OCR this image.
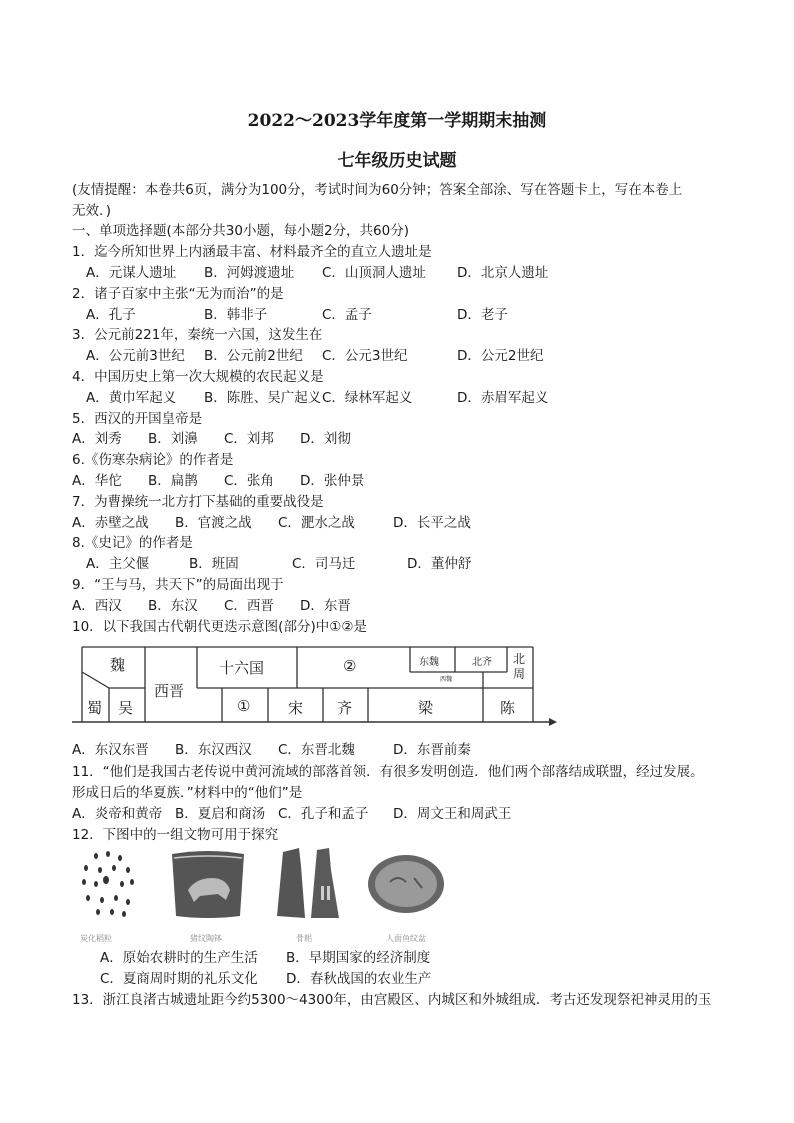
2022～2023学年度第一学期期末抽测
七年级历史试题
(友情提醒：本卷共6页，满分为100分，考试时间为60分钟；答案全部涂、写在答题卡上，写在本卷上
无效．)
一、单项选择题(本部分共30小题，每小题2分，共60分)
1．迄今所知世界上内涵最丰富、材料最齐全的直立人遗址是
A．元谋人遗址 B．河姆渡遗址 C．山顶洞人遗址 D．北京人遗址
2．诸子百家中主张“无为而治”的是
A．孔子	B．韩非子	C．孟子	D．老子
3．公元前221年，秦统一六国，这发生在
A．公元前3世纪 B．公元前2世纪 C．公元3世纪	D．公元2世纪
4．中国历史上第一次大规模的农民起义是
A．黄巾军起义 B．陈胜、吴广起义C．绿林军起义	D．赤眉军起义
5．西汉的开国皇帝是
A．刘秀 B．刘濞 C．刘邦 D．刘彻
6.《伤寒杂病论》的作者是
A．华佗 B．扁鹊 C．张角 D．张仲景
7．为曹操统一北方打下基础的重要战役是
A．赤壁之战 B．官渡之战 C．淝水之战	D．长平之战
8.《史记》的作者是
A．主父偃	B．班固	C．司马迁	D．董仲舒
9．“王与马，共天下”的局面出现于
A．西汉 B．东汉 C．西晋 D．东晋
10．以下我国古代朝代更迭示意图(部分)中①②是
魏
蜀 吴
西晋
十六国	②	东魏	北齐
西魏
北周
①	宋 齐	梁	陈
A．东汉东晋 B．东汉西汉 C．东晋北魏	D．东晋前秦
11．“他们是我国古老传说中黄河流域的部落首领．有很多发明创造．他们两个部落结成联盟，经过发展。
形成日后的华夏族．”材料中的“他们”是
A．炎帝和黄帝 B．夏启和商汤 C．孔子和孟子 D．周文王和周武王
12．下图中的一组文物可用于探究
炭化稻粒	猪纹陶钵	骨耜	人面鱼纹盆
A．原始农耕时的生产生活 B．早期国家的经济制度
C．夏商周时期的礼乐文化 D．春秋战国的农业生产
13．浙江良渚古城遗址距今约5300～4300年，由宫殿区、内城区和外城组成．考古还发现祭祀神灵用的玉
